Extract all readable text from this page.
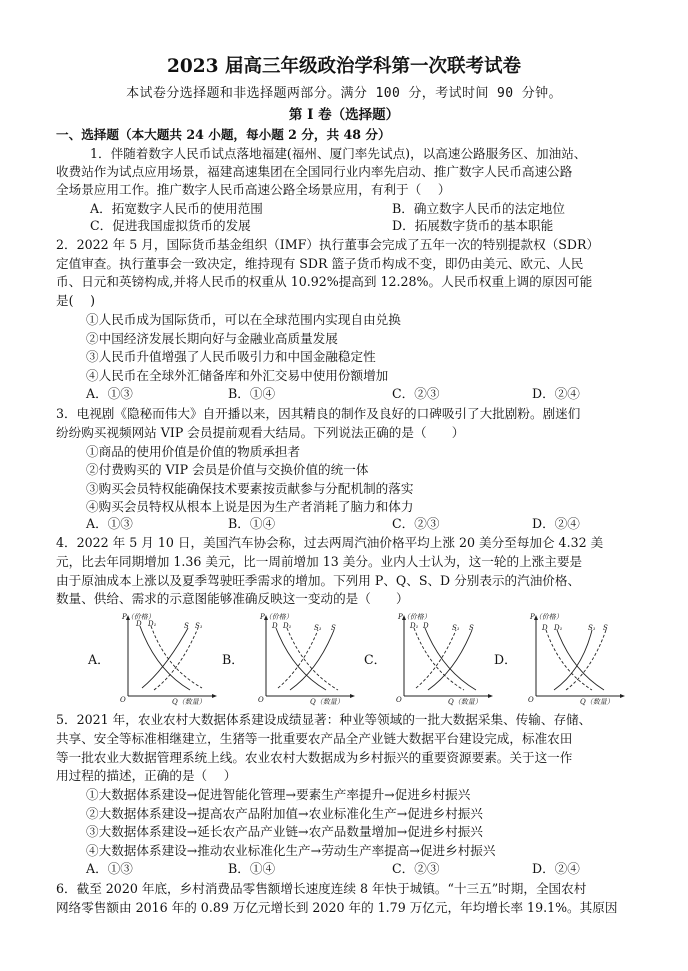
2023 届高三年级政治学科第一次联考试卷
本试卷分选择题和非选择题两部分。满分 100 分，考试时间 90 分钟。
第 I 卷（选择题）
一、选择题（本大题共 24 小题，每小题 2 分，共 48 分）
1．伴随着数字人民币试点落地福建(福州、厦门率先试点)，以高速公路服务区、加油站、
收费站作为试点应用场景，福建高速集团在全国同行业内率先启动、推广数字人民币高速公路
全场景应用工作。推广数字人民币高速公路全场景应用，有利于（　 ）
A．拓宽数字人民币的使用范围	B．确立数字人民币的法定地位
C．促进我国虚拟货币的发展	D．拓展数字货币的基本职能
2．2022 年 5 月，国际货币基金组织（IMF）执行董事会完成了五年一次的特别提款权（SDR）
定值审查。执行董事会一致决定，维持现有 SDR 篮子货币构成不变，即仍由美元、欧元、人民
币、日元和英镑构成,并将人民币的权重从 10.92%提高到 12.28%。人民币权重上调的原因可能
是(　 )
①人民币成为国际货币，可以在全球范围内实现自由兑换
②中国经济发展长期向好与金融业高质量发展
③人民币升值增强了人民币吸引力和中国金融稳定性
④人民币在全球外汇储备库和外汇交易中使用份额增加
A．①③	B．①④	C．②③	D．②④
3．电视剧《隐秘而伟大》自开播以来，因其精良的制作及良好的口碑吸引了大批剧粉。剧迷们
纷纷购买视频网站 VIP 会员提前观看大结局。下列说法正确的是（　　）
①商品的使用价值是价值的物质承担者
②付费购买的 VIP 会员是价值与交换价值的统一体
③购买会员特权能确保技术要素按贡献参与分配机制的落实
④购买会员特权从根本上说是因为生产者消耗了脑力和体力
A．①③	B．①④	C．②③	D．②④
4．2022 年 5 月 10 日，美国汽车协会称，过去两周汽油价格平均上涨 20 美分至每加仑 4.32 美
元，比去年同期增加 1.36 美元，比一周前增加 13 美分。业内人士认为，这一轮的上涨主要是
由于原油成本上涨以及夏季驾驶旺季需求的增加。下列用 P、Q、S、D 分别表示的汽油价格、
数量、供给、需求的示意图能够准确反映这一变动的是（　　）
A．	B．	C．	D．
P（价格）
Q（数量）
O
D D₁	S S₁
P（价格）
Q（数量）
O
D D₁	S₁ S
P（价格）
Q（数量）
O
D₁ D	S₁ S
P（价格）
Q（数量）
O
D D₁	S₁ S
5．2021 年，农业农村大数据体系建设成绩显著：种业等领域的一批大数据采集、传输、存储、
共享、安全等标准相继建立，生猪等一批重要农产品全产业链大数据平台建设完成，标准农田
等一批农业大数据管理系统上线。农业农村大数据成为乡村振兴的重要资源要素。关于这一作
用过程的描述，正确的是（　 ）
①大数据体系建设→促进智能化管理→要素生产率提升→促进乡村振兴
②大数据体系建设→提高农产品附加值→农业标准化生产→促进乡村振兴
③大数据体系建设→延长农产品产业链→农产品数量增加→促进乡村振兴
④大数据体系建设→推动农业标准化生产→劳动生产率提高→促进乡村振兴
A．①③	B．①④	C．②③	D．②④
6．截至 2020 年底，乡村消费品零售额增长速度连续 8 年快于城镇。“十三五”时期，全国农村
网络零售额由 2016 年的 0.89 万亿元增长到 2020 年的 1.79 万亿元，年均增长率 19.1%。其原因
